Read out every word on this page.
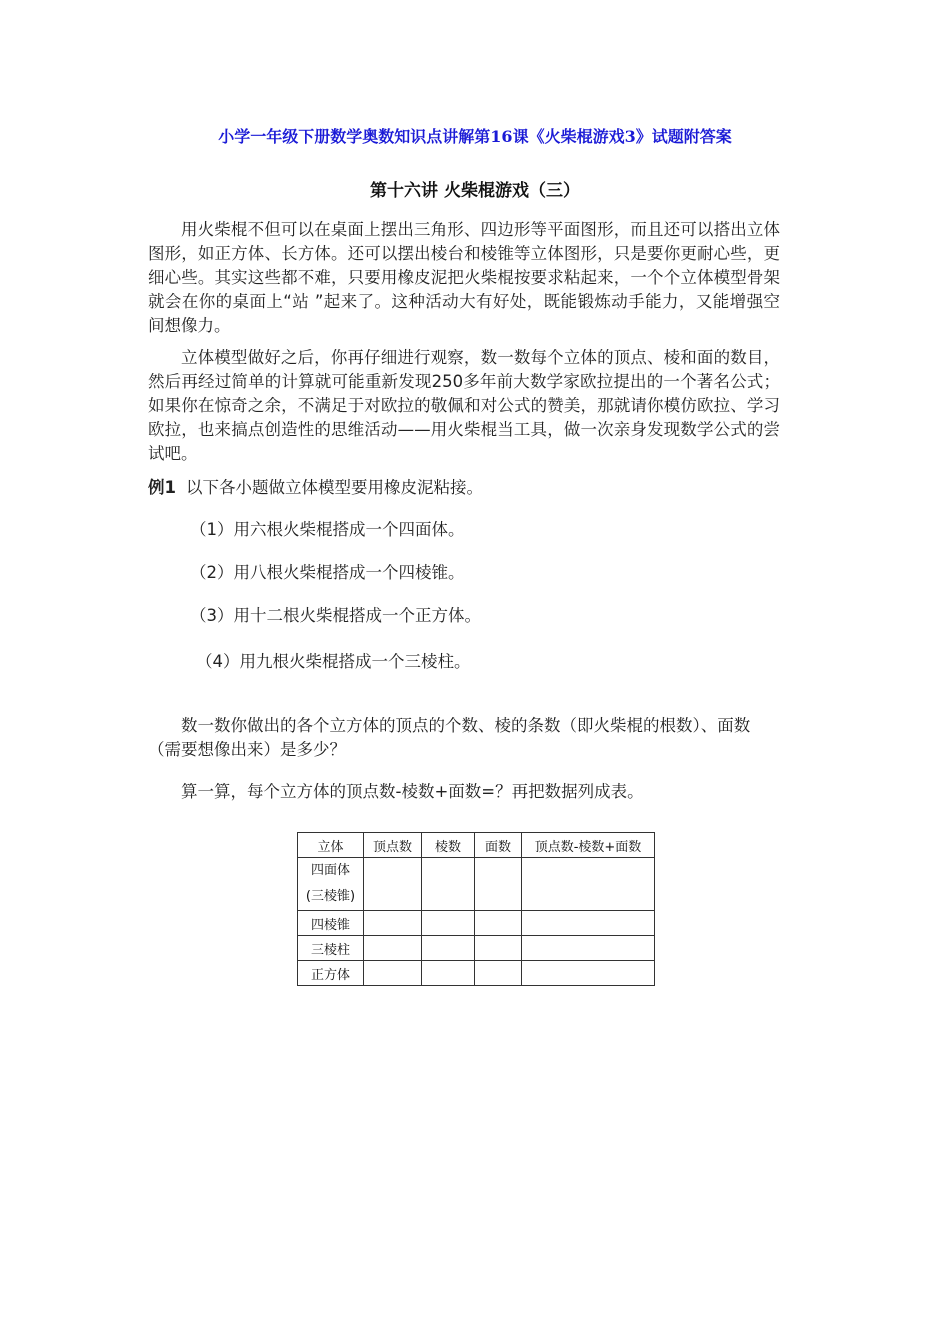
小学一年级下册数学奥数知识点讲解第16课《火柴棍游戏3》试题附答案
第十六讲 火柴棍游戏（三）

用火柴棍不但可以在桌面上摆出三角形、四边形等平面图形，而且还可以搭出立体图形，如正方体、长方体。还可以摆出棱台和棱锥等立体图形，只是要你更耐心些，更细心些。其实这些都不难，只要用橡皮泥把火柴棍按要求粘起来，一个个立体模型骨架就会在你的桌面上“站 ”起来了。这种活动大有好处，既能锻炼动手能力，又能增强空间想像力。

立体模型做好之后，你再仔细进行观察，数一数每个立体的顶点、棱和面的数目，然后再经过简单的计算就可能重新发现250多年前大数学家欧拉提出的一个著名公式；如果你在惊奇之余，不满足于对欧拉的敬佩和对公式的赞美，那就请你模仿欧拉、学习欧拉，也来搞点创造性的思维活动——用火柴棍当工具，做一次亲身发现数学公式的尝试吧。

例1 以下各小题做立体模型要用橡皮泥粘接。

（1）用六根火柴棍搭成一个四面体。

（2）用八根火柴棍搭成一个四棱锥。

（3）用十二根火柴棍搭成一个正方体。

（4）用九根火柴棍搭成一个三棱柱。

数一数你做出的各个立方体的顶点的个数、棱的条数（即火柴棍的根数）、面数（需要想像出来）是多少？

算一算，每个立方体的顶点数-棱数+面数=？再把数据列成表。

立体	顶点数	棱数	面数	顶点数-棱数+面数
四面体
(三棱锥)				
四棱锥				
三棱柱				
正方体				
